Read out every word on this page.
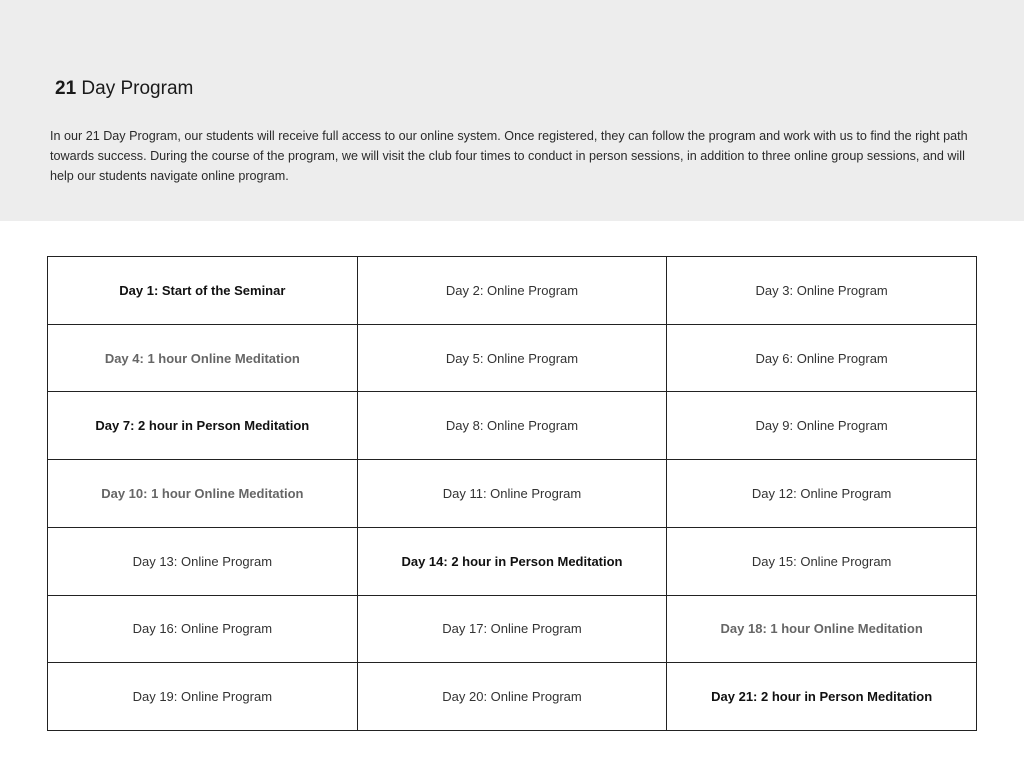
21 Day Program
In our 21 Day Program, our students will receive full access to our online system. Once registered, they can follow the program and work with us to find the right path towards success. During the course of the program, we will visit the club four times to conduct in person sessions, in addition to three online group sessions, and will help our students navigate online program.
Day 1: Start of the Seminar	Day 2: Online Program	Day 3: Online Program
Day 4: 1 hour Online Meditation	Day 5: Online Program	Day 6: Online Program
Day 7: 2 hour in Person Meditation	Day 8: Online Program	Day 9: Online Program
Day 10: 1 hour Online Meditation	Day 11: Online Program	Day 12: Online Program
Day 13: Online Program	Day 14: 2 hour in Person Meditation	Day 15: Online Program
Day 16: Online Program	Day 17: Online Program	Day 18: 1 hour Online Meditation
Day 19: Online Program	Day 20: Online Program	Day 21: 2 hour in Person Meditation
